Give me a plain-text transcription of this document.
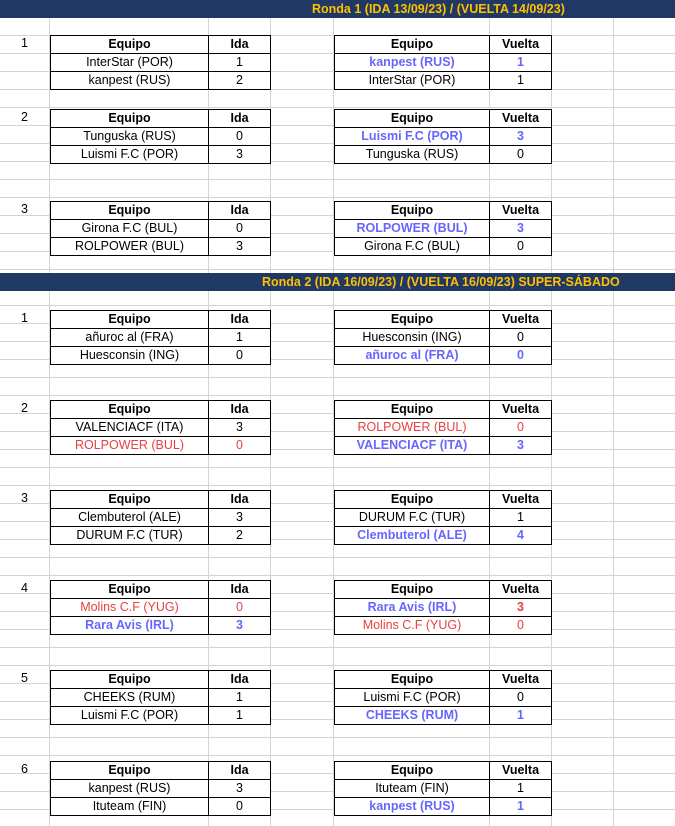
Ronda 1 (IDA 13/09/23) / (VUELTA 14/09/23)
Ronda 2 (IDA 16/09/23) / (VUELTA 16/09/23) SUPER-SÁBADO
1	Equipo	Ida
InterStar (POR)	1
kanpest (RUS)	2
Equipo	Vuelta
kanpest (RUS)	1
InterStar (POR)	1
2	Equipo	Ida
Tunguska (RUS)	0
Luismi F.C (POR)	3
Equipo	Vuelta
Luismi F.C (POR)	3
Tunguska (RUS)	0
3	Equipo	Ida
Girona F.C (BUL)	0
ROLPOWER (BUL)	3
Equipo	Vuelta
ROLPOWER (BUL)	3
Girona F.C (BUL)	0
1	Equipo	Ida
añuroc al (FRA)	1
Huesconsin (ING)	0
Equipo	Vuelta
Huesconsin (ING)	0
añuroc al (FRA)	0
2	Equipo	Ida
VALENCIACF (ITA)	3
ROLPOWER (BUL)	0
Equipo	Vuelta
ROLPOWER (BUL)	0
VALENCIACF (ITA)	3
3	Equipo	Ida
Clembuterol (ALE)	3
DURUM F.C (TUR)	2
Equipo	Vuelta
DURUM F.C (TUR)	1
Clembuterol (ALE)	4
4	Equipo	Ida
Molins C.F (YUG)	0
Rara Avis (IRL)	3
Equipo	Vuelta
Rara Avis (IRL)	3
Molins C.F (YUG)	0
5	Equipo	Ida
CHEEKS (RUM)	1
Luismi F.C (POR)	1
Equipo	Vuelta
Luismi F.C (POR)	0
CHEEKS (RUM)	1
6	Equipo	Ida
kanpest (RUS)	3
Ituteam (FIN)	0
Equipo	Vuelta
Ituteam (FIN)	1
kanpest (RUS)	1
